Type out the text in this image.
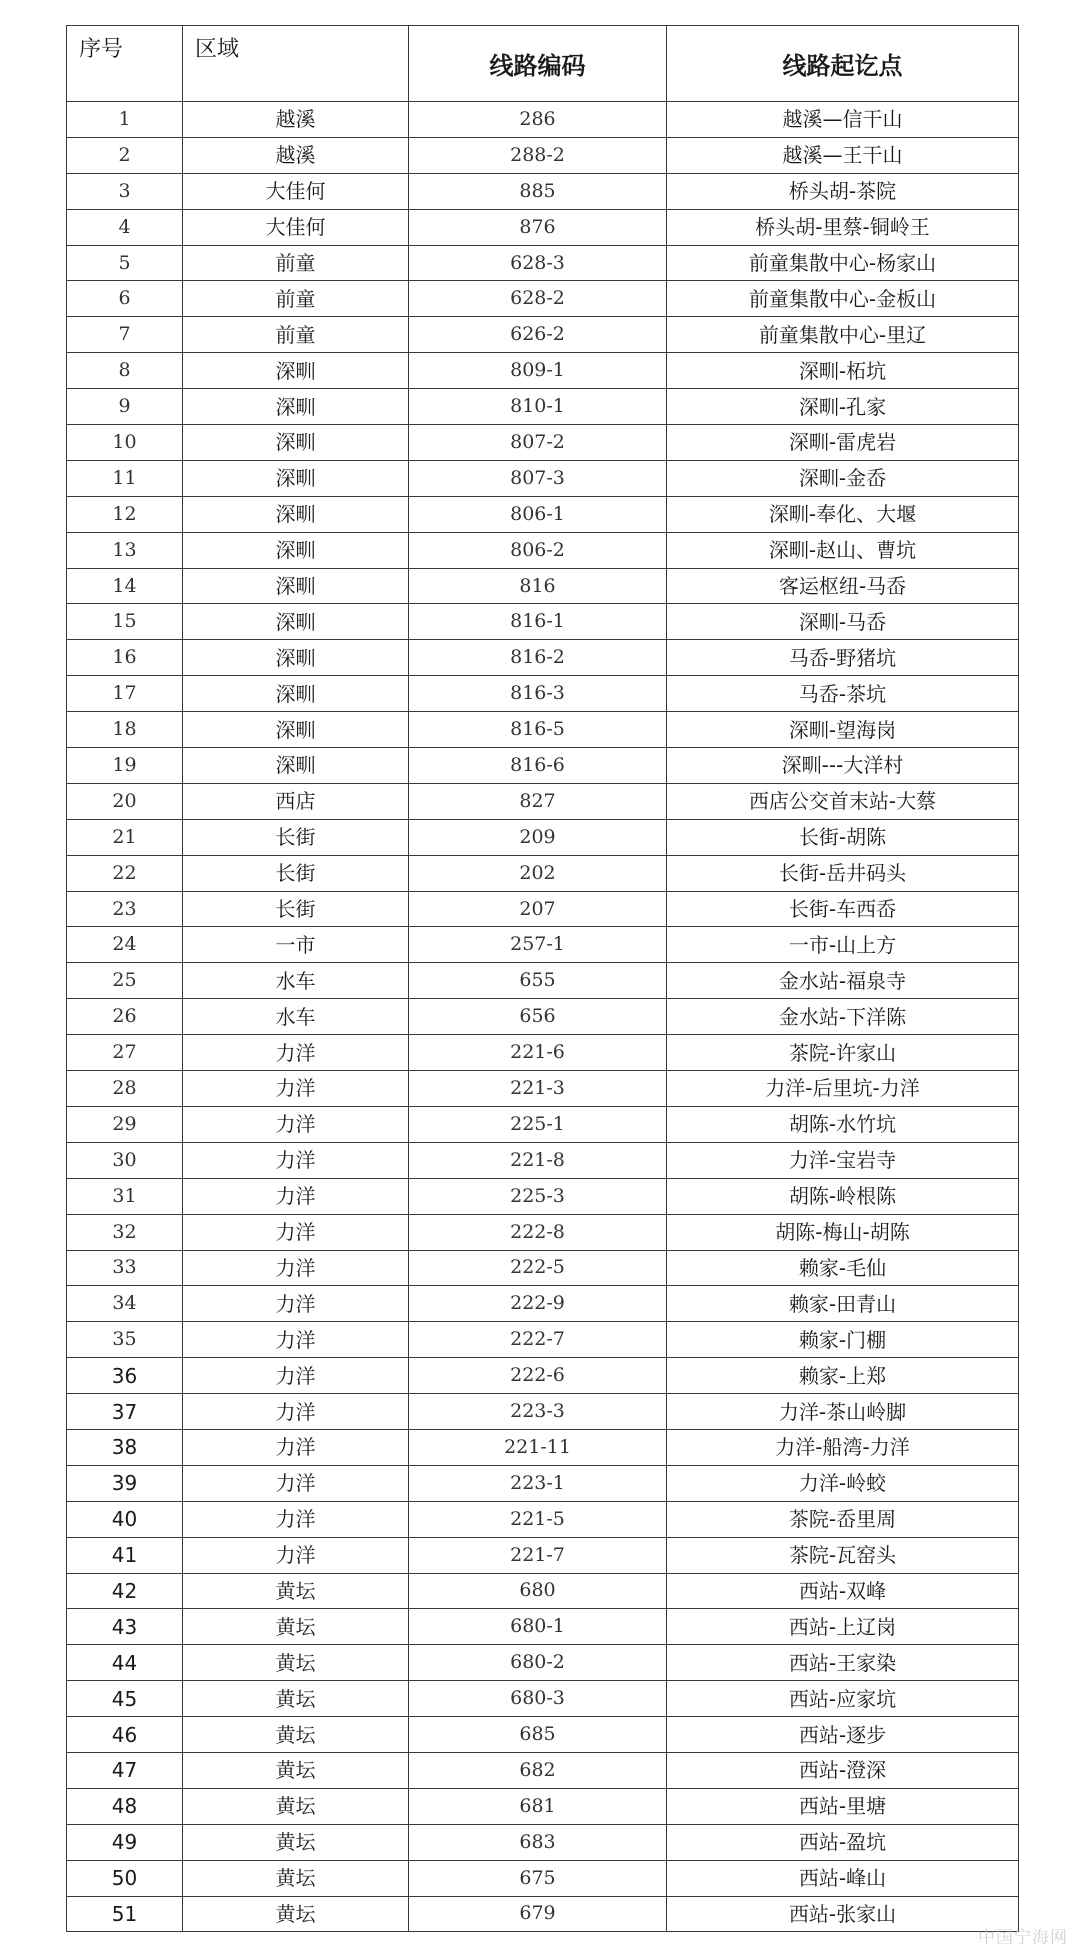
序号	区域	线路编码	线路起讫点
1	越溪	286	越溪—信干山
2	越溪	288-2	越溪—王干山
3	大佳何	885	桥头胡-茶院
4	大佳何	876	桥头胡-里蔡-铜岭王
5	前童	628-3	前童集散中心-杨家山
6	前童	628-2	前童集散中心-金板山
7	前童	626-2	前童集散中心-里辽
8	深甽	809-1	深甽-柘坑
9	深甽	810-1	深甽-孔家
10	深甽	807-2	深甽-雷虎岩
11	深甽	807-3	深甽-金岙
12	深甽	806-1	深甽-奉化、大堰
13	深甽	806-2	深甽-赵山、曹坑
14	深甽	816	客运枢纽-马岙
15	深甽	816-1	深甽-马岙
16	深甽	816-2	马岙-野猪坑
17	深甽	816-3	马岙-茶坑
18	深甽	816-5	深甽-望海岗
19	深甽	816-6	深甽---大洋村
20	西店	827	西店公交首末站-大蔡
21	长街	209	长街-胡陈
22	长街	202	长街-岳井码头
23	长街	207	长街-车西岙
24	一市	257-1	一市-山上方
25	水车	655	金水站-福泉寺
26	水车	656	金水站-下洋陈
27	力洋	221-6	茶院-许家山
28	力洋	221-3	力洋-后里坑-力洋
29	力洋	225-1	胡陈-水竹坑
30	力洋	221-8	力洋-宝岩寺
31	力洋	225-3	胡陈-岭根陈
32	力洋	222-8	胡陈-梅山-胡陈
33	力洋	222-5	赖家-毛仙
34	力洋	222-9	赖家-田青山
35	力洋	222-7	赖家-门棚
36	力洋	222-6	赖家-上郑
37	力洋	223-3	力洋-茶山岭脚
38	力洋	221-11	力洋-船湾-力洋
39	力洋	223-1	力洋-岭蛟
40	力洋	221-5	茶院-岙里周
41	力洋	221-7	茶院-瓦窑头
42	黄坛	680	西站-双峰
43	黄坛	680-1	西站-上辽岗
44	黄坛	680-2	西站-王家染
45	黄坛	680-3	西站-应家坑
46	黄坛	685	西站-逐步
47	黄坛	682	西站-澄深
48	黄坛	681	西站-里塘
49	黄坛	683	西站-盈坑
50	黄坛	675	西站-峰山
51	黄坛	679	西站-张家山
中国宁海网
